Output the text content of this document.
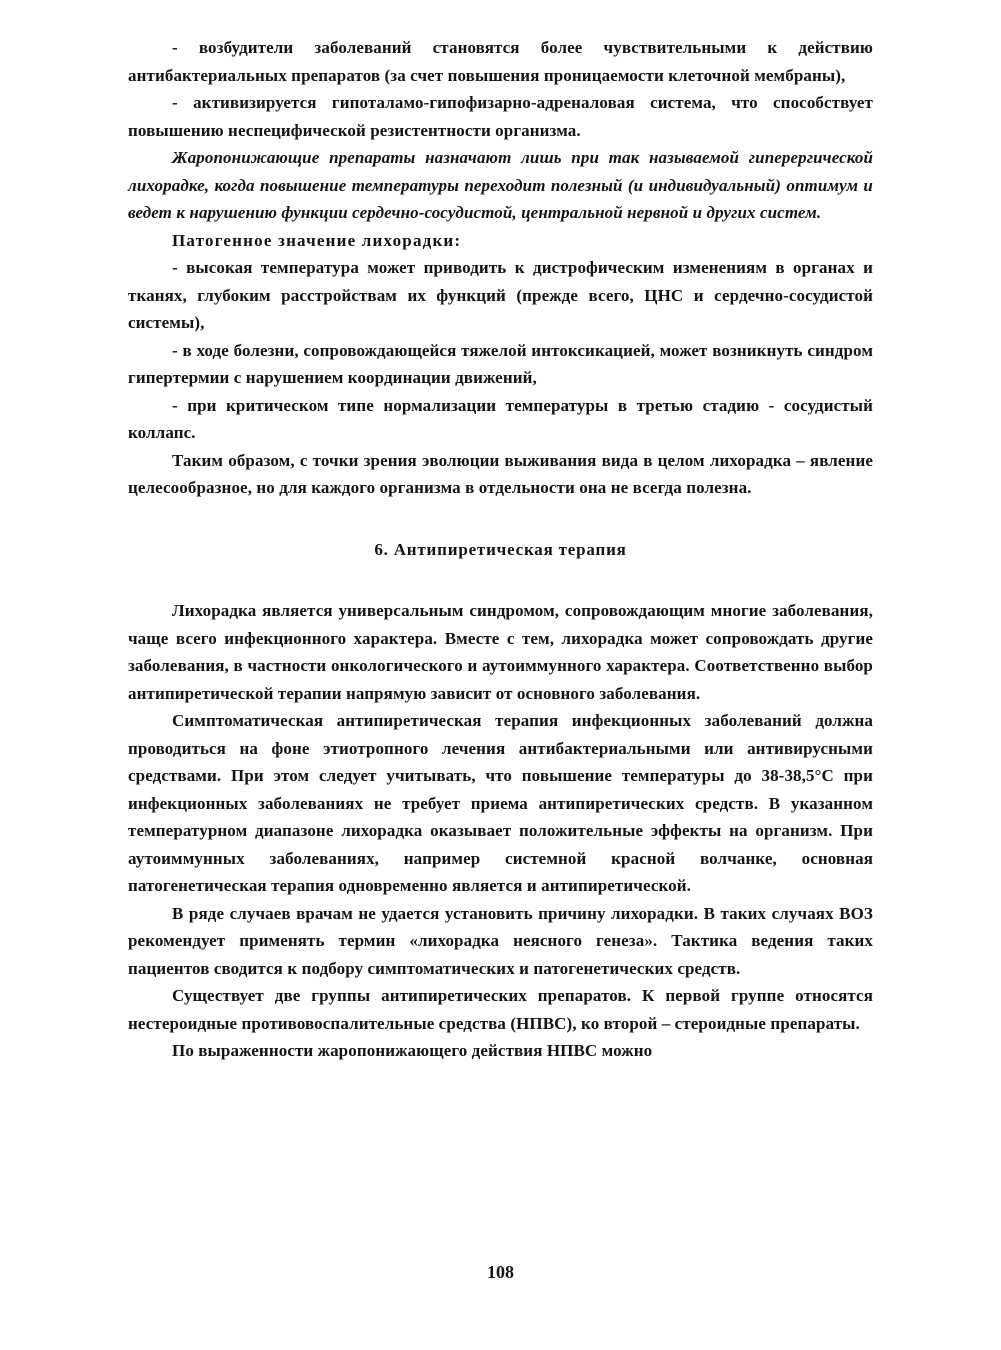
- возбудители заболеваний становятся более чувствительными к действию антибактериальных препаратов (за счет повышения проницаемости клеточной мембраны),

- активизируется гипоталамо-гипофизарно-адреналовая система, что способствует повышению неспецифической резистентности организма.

Жаропонижающие препараты назначают лишь при так называемой гиперергической лихорадке, когда повышение температуры переходит полезный (и индивидуальный) оптимум и ведет к нарушению функции сердечно-сосудистой, центральной нервной и других систем.

Патогенное значение лихорадки:

- высокая температура может приводить к дистрофическим изменениям в органах и тканях, глубоким расстройствам их функций (прежде всего, ЦНС и сердечно-сосудистой системы),

- в ходе болезни, сопровождающейся тяжелой интоксикацией, может возникнуть синдром гипертермии с нарушением координации движений,

- при критическом типе нормализации температуры в третью стадию - сосудистый коллапс.

Таким образом, с точки зрения эволюции выживания вида в целом лихорадка – явление целесообразное, но для каждого организма в отдельности она не всегда полезна.

6. Антипиретическая терапия

Лихорадка является универсальным синдромом, сопровождающим многие заболевания, чаще всего инфекционного характера. Вместе с тем, лихорадка может сопровождать другие заболевания, в частности онкологического и аутоиммунного характера. Соответственно выбор антипиретической терапии напрямую зависит от основного заболевания.

Симптоматическая антипиретическая терапия инфекционных заболеваний должна проводиться на фоне этиотропного лечения антибактериальными или антивирусными средствами. При этом следует учитывать, что повышение температуры до 38-38,5°С при инфекционных заболеваниях не требует приема антипиретических средств. В указанном температурном диапазоне лихорадка оказывает положительные эффекты на организм. При аутоиммунных заболеваниях, например системной красной волчанке, основная патогенетическая терапия одновременно является и антипиретической.

В ряде случаев врачам не удается установить причину лихорадки. В таких случаях ВОЗ рекомендует применять термин «лихорадка неясного генеза». Тактика ведения таких пациентов сводится к подбору симптоматических и патогенетических средств.

Существует две группы антипиретических препаратов. К первой группе относятся нестероидные противовоспалительные средства (НПВС), ко второй – стероидные препараты.

По выраженности жаропонижающего действия НПВС можно

108
